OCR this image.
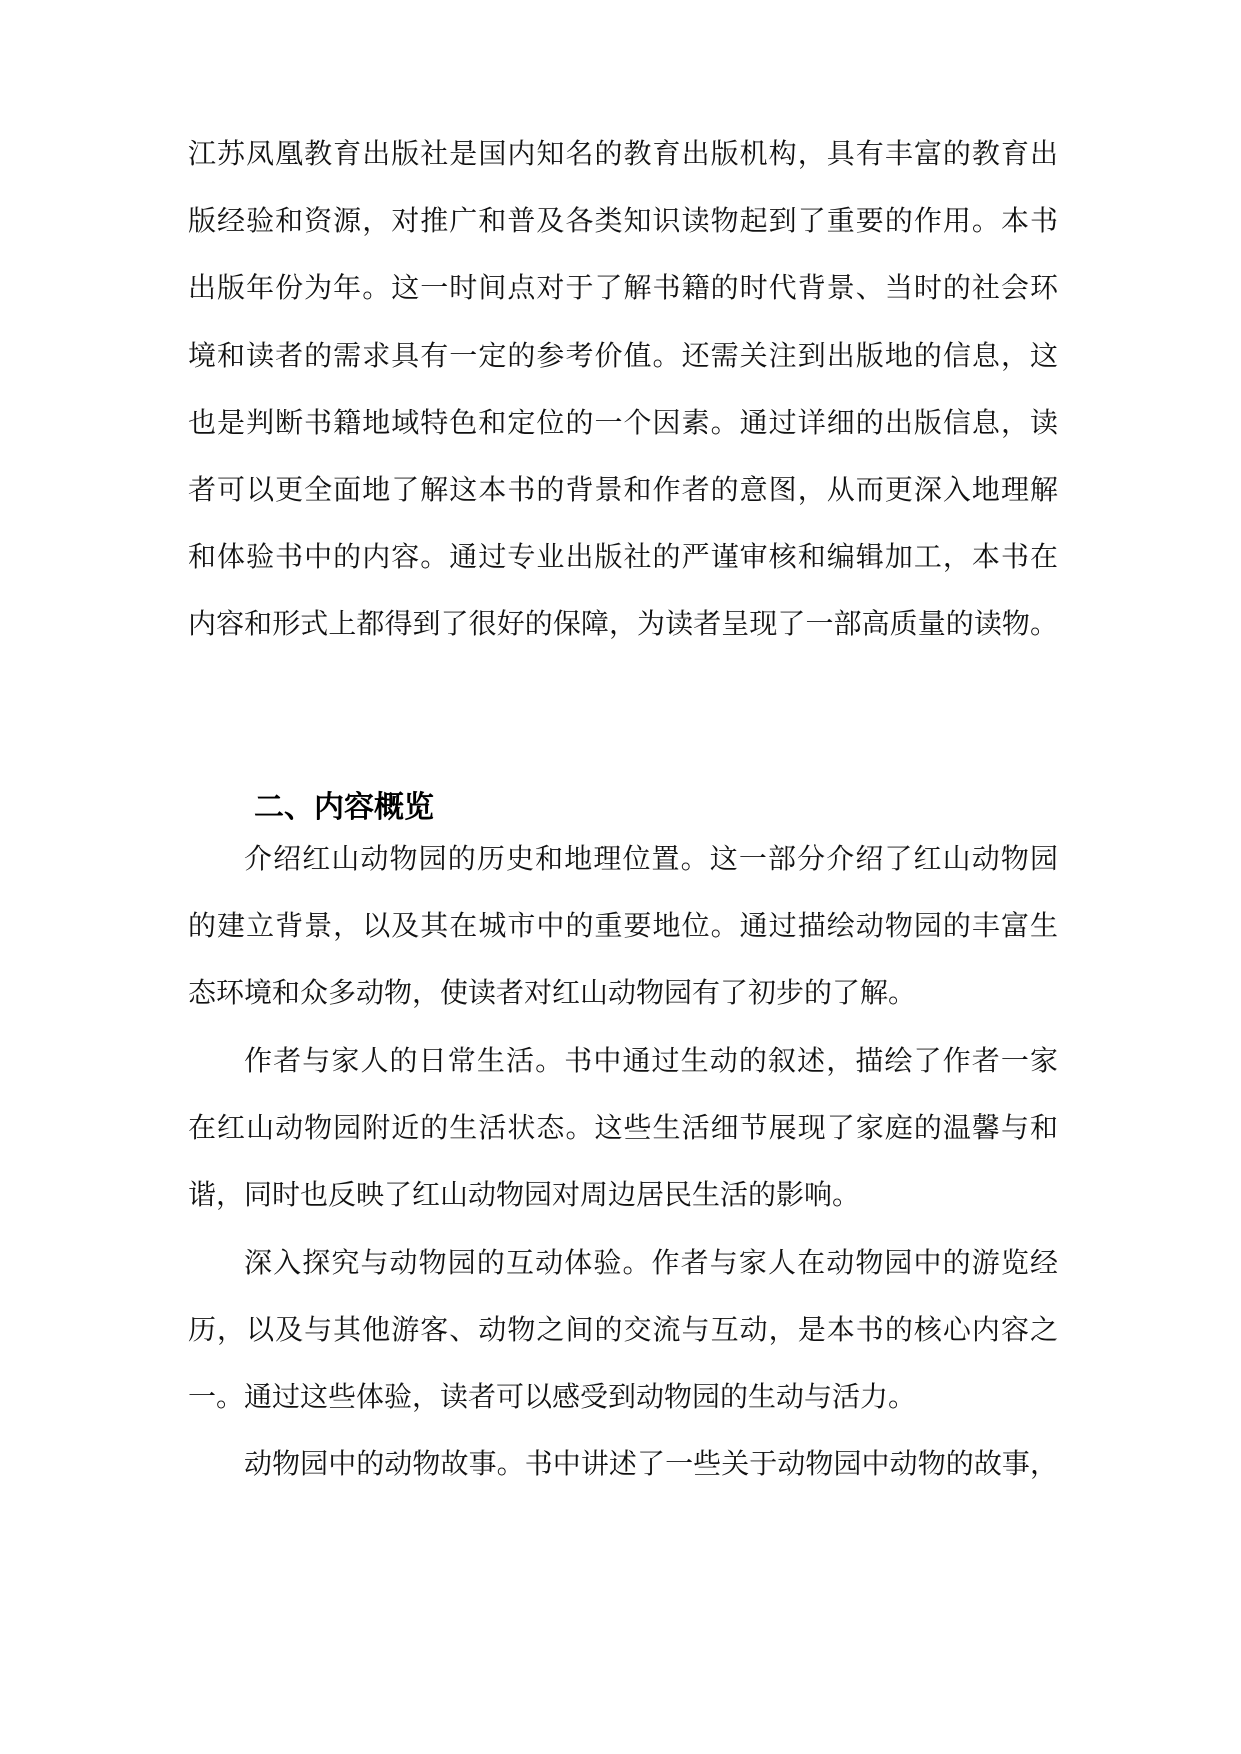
江苏凤凰教育出版社是国内知名的教育出版机构，具有丰富的教育出
版经验和资源，对推广和普及各类知识读物起到了重要的作用。本书
出版年份为年。这一时间点对于了解书籍的时代背景、当时的社会环
境和读者的需求具有一定的参考价值。还需关注到出版地的信息，这
也是判断书籍地域特色和定位的一个因素。通过详细的出版信息，读
者可以更全面地了解这本书的背景和作者的意图，从而更深入地理解
和体验书中的内容。通过专业出版社的严谨审核和编辑加工，本书在
内容和形式上都得到了很好的保障，为读者呈现了一部高质量的读物。
二、内容概览
介绍红山动物园的历史和地理位置。这一部分介绍了红山动物园
的建立背景，以及其在城市中的重要地位。通过描绘动物园的丰富生
态环境和众多动物，使读者对红山动物园有了初步的了解。
作者与家人的日常生活。书中通过生动的叙述，描绘了作者一家
在红山动物园附近的生活状态。这些生活细节展现了家庭的温馨与和
谐，同时也反映了红山动物园对周边居民生活的影响。
深入探究与动物园的互动体验。作者与家人在动物园中的游览经
历，以及与其他游客、动物之间的交流与互动，是本书的核心内容之
一。通过这些体验，读者可以感受到动物园的生动与活力。
动物园中的动物故事。书中讲述了一些关于动物园中动物的故事，
